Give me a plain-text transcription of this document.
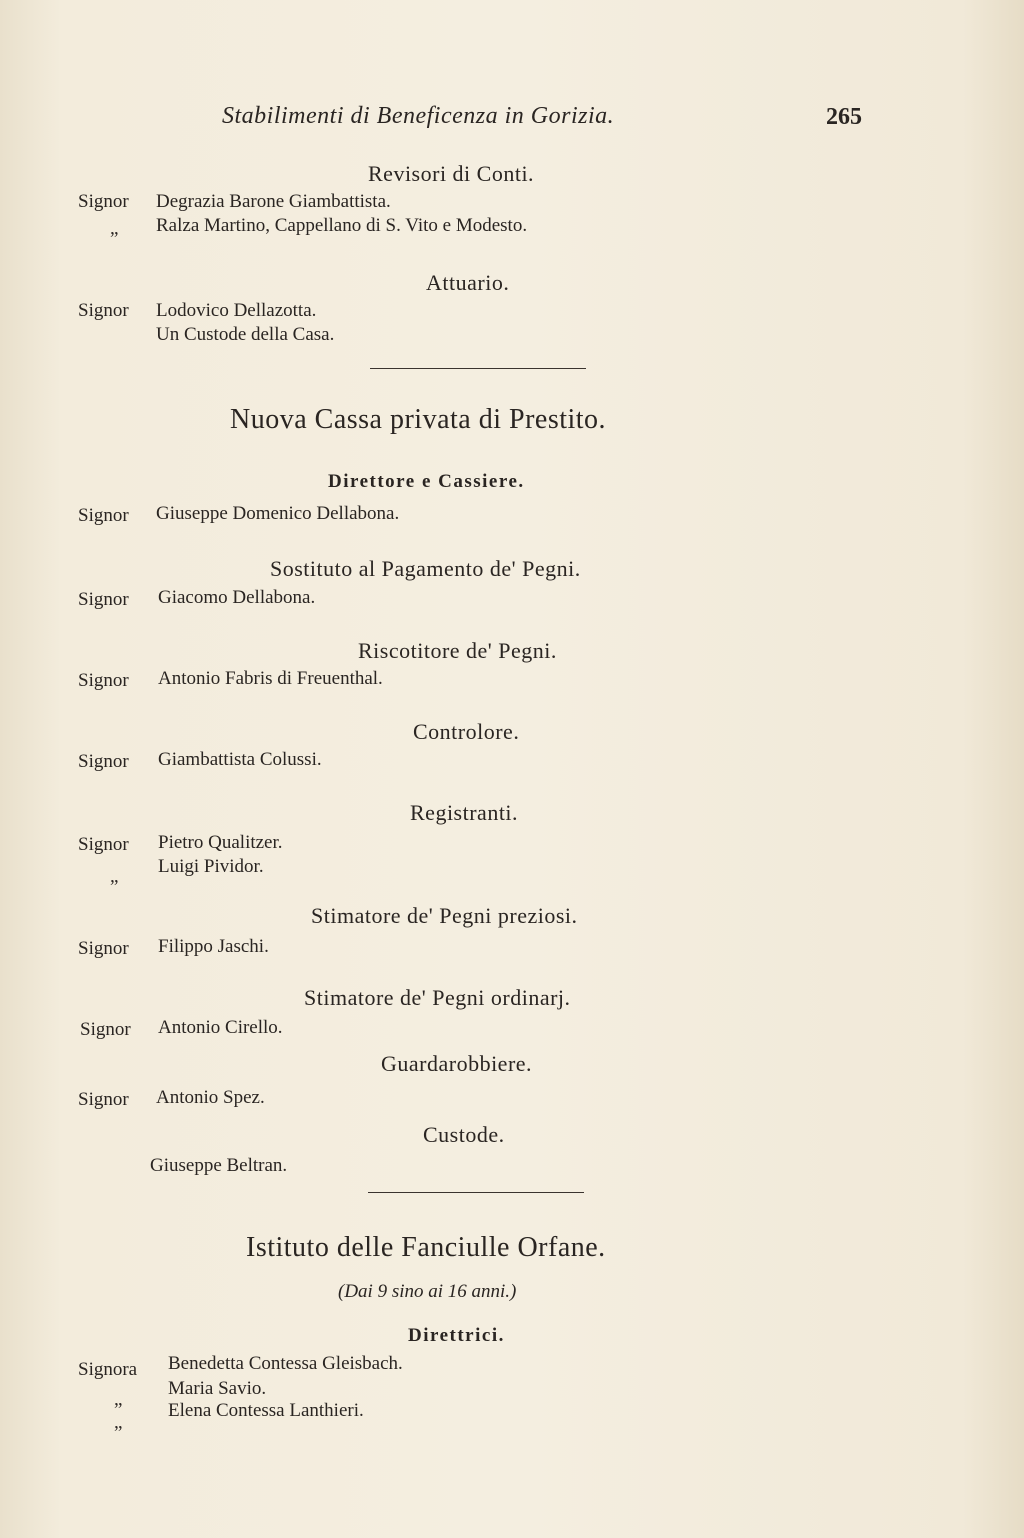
Stabilimenti di Beneficenza in Gorizia.	265
Revisori di Conti.
Signor Degrazia Barone Giambattista.
„ Ralza Martino, Cappellano di S. Vito e Modesto.
Attuario.
Signor Lodovico Dellazotta.
Un Custode della Casa.
Nuova Cassa privata di Prestito.
Direttore e Cassiere.
Signor Giuseppe Domenico Dellabona.
Sostituto al Pagamento de' Pegni.
Signor Giacomo Dellabona.
Riscotitore de' Pegni.
Signor Antonio Fabris di Freuenthal.
Controlore.
Signor Giambattista Colussi.
Registranti.
Signor Pietro Qualitzer.
„ Luigi Pividor.
Stimatore de' Pegni preziosi.
Signor Filippo Jaschi.
Stimatore de' Pegni ordinarj.
Signor Antonio Cirello.
Guardarobbiere.
Signor Antonio Spez.
Custode.
Giuseppe Beltran.
Istituto delle Fanciulle Orfane.
(Dai 9 sino ai 16 anni.)
Direttrici.
Signora Benedetta Contessa Gleisbach.
„
Maria Savio.
„
Elena Contessa Lanthieri.
